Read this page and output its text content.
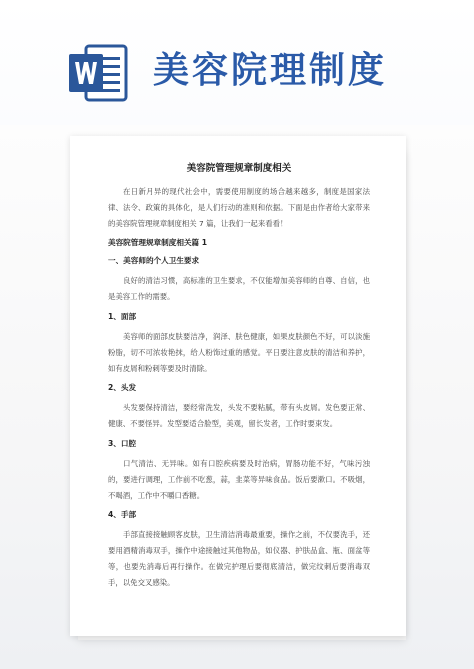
美容院理制度
美容院管理规章制度相关

在日新月异的现代社会中，需要使用制度的场合越来越多，制度是国家法律、法令、政策的具体化，是人们行动的准则和依据。下面是由作者给大家带来的美容院管理规章制度相关 7 篇，让我们一起来看看！

美容院管理规章制度相关篇 1
一、美容师的个人卫生要求

良好的清洁习惯，高标准的卫生要求，不仅能增加美容师的自尊、自信，也是美容工作的需要。

1、面部

美容师的面部皮肤要洁净，润泽、肤色健康，如果皮肤颜色不好，可以淡施粉脂，切不可浓妆艳抹，给人粉饰过重的感觉。平日要注意皮肤的清洁和养护，如有皮屑和粉刺等要及时清除。

2、头发

头发要保持清洁，要经常洗发，头发不要粘腻，带有头皮屑。发色要正常、健康、不要怪异。发型要适合脸型，美观，留长发者，工作时要束发。

3、口腔

口气清洁、无异味。如有口腔疾病要及时治病，胃肠功能不好，气味污浊的，要进行调理，工作前不吃葱，蒜，韭菜等异味食品。饭后要漱口。不吸烟，不喝酒，工作中不嚼口香糖。

4、手部

手部直接接触顾客皮肤，卫生清洁消毒最重要，操作之前，不仅要洗手，还要用酒精消毒双手，操作中途接触过其他物品，如仪器、护肤品盒、瓶、面盆等等，也要先消毒后再行操作。在做完护理后要彻底清洁，做完纹刺后要消毒双手，以免交叉感染。
